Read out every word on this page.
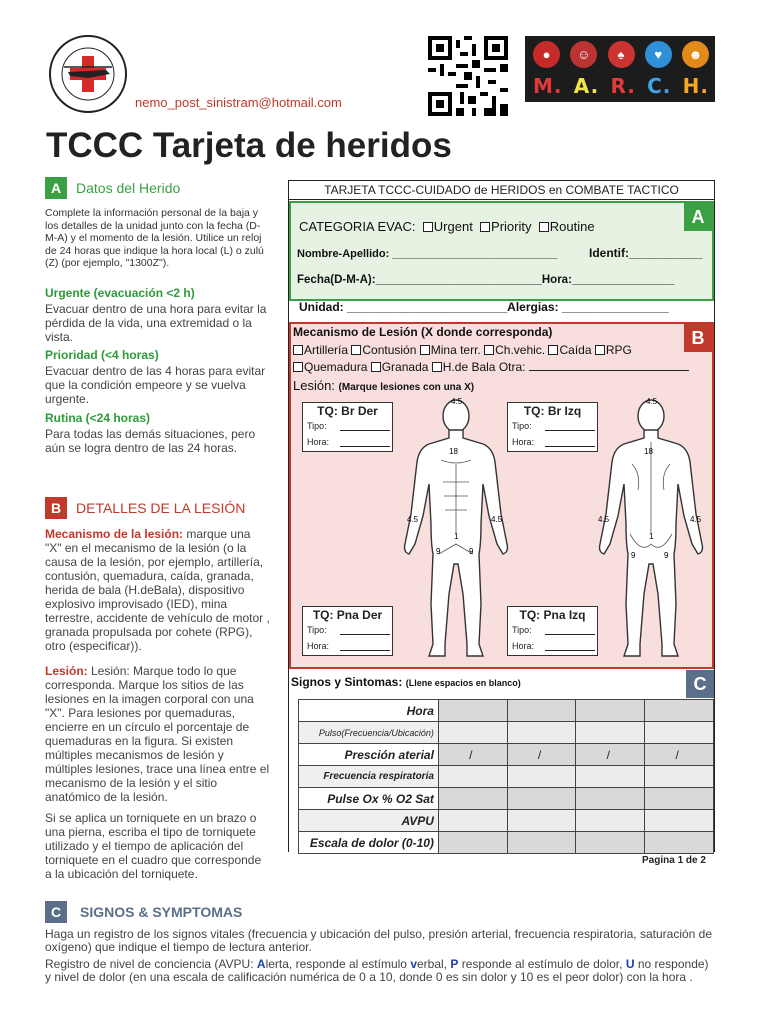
nemo_post_sinistram@hotmail.com
●	☺	♠	♥	☻
M. A. R. C. H.
TCCC Tarjeta de heridos
A	Datos del Herido
Complete la información personal de la baja y los detalles de la unidad junto con la fecha (D-M-A) y el momento de la lesión. Utilice un reloj de 24 horas que indique la hora local (L) o zulú (Z) (por ejemplo, "1300Z").

Urgente (evacuación <2 h)

Evacuar dentro de una hora para evitar la pérdida de la vida, una extremidad o la vista.

Prioridad (<4 horas)

Evacuar dentro de las 4 horas para evitar que la condición empeore y se vuelva urgente.

Rutina (<24 horas)

Para todas las demás situaciones, pero aún se logra dentro de las 24 horas.

B	DETALLES DE LA LESIÓN
Mecanismo de la lesión: marque una "X" en el mecanismo de la lesión (o la causa de la lesión, por ejemplo, artillería, contusión, quemadura, caída, granada, herida de bala (H.deBala), dispositivo explosivo improvisado (IED), mina terrestre, accidente de vehículo de motor , granada propulsada por cohete (RPG), otro (especificar)).
Lesión: Lesión: Marque todo lo que corresponda. Marque los sitios de las lesiones en la imagen corporal con una "X". Para lesiones por quemaduras, encierre en un círculo el porcentaje de quemaduras en la figura. Si existen múltiples mecanismos de lesión y múltiples lesiones, trace una línea entre el mecanismo de la lesión y el sitio anatómico de la lesión.
Si se aplica un torniquete en un brazo o una pierna, escriba el tipo de torniquete utilizado y el tiempo de aplicación del torniquete en el cuadro que corresponde a la ubicación del torniquete.
TARJETA TCCC-CUIDADO de HERIDOS en COMBATE TACTICO
A
CATEGORIA EVAC: Urgent Priority Routine
Nombre-Apellido: ___________________________	Identif:___________
Fecha(D-M-A):__________________________Hora:________________
Unidad: ________________________Alergias: ________________
B
Mecanismo de Lesión (X donde corresponda)
Artillería Contusión Mina terr. Ch.vehic. Caída RPG
Quemadura Granada H.de Bala Otra:
Lesión: (Marque lesiones con una X)
4.5
18
4.5	4.5
1
9	9
4.5
18
4.5	4.5
1
9	9
TQ: Br Der
Tipo:
Hora:
TQ: Br Izq
Tipo:
Hora:
TQ: Pna Der
Tipo:
Hora:
TQ: Pna Izq
Tipo:
Hora:
C
Signos y Sintomas: (Llene espacios en blanco)
Hora				
Pulso(Frecuencia/Ubicación)				
Presción aterial	/	/	/	/
Frecuencia respiratoria				
Pulse Ox % O2 Sat				
AVPU				
Escala de dolor (0-10)				
Pagina 1 de 2
C	SIGNOS & SYMPTOMAS
Haga un registro de los signos vitales (frecuencia y ubicación del pulso, presión arterial, frecuencia respiratoria, saturación de oxígeno) que indique el tiempo de lectura anterior.
Registro de nivel de conciencia (AVPU: Alerta, responde al estímulo verbal, P responde al estímulo de dolor, U no responde) y nivel de dolor (en una escala de calificación numérica de 0 a 10, donde 0 es sin dolor y 10 es el peor dolor) con la hora .
